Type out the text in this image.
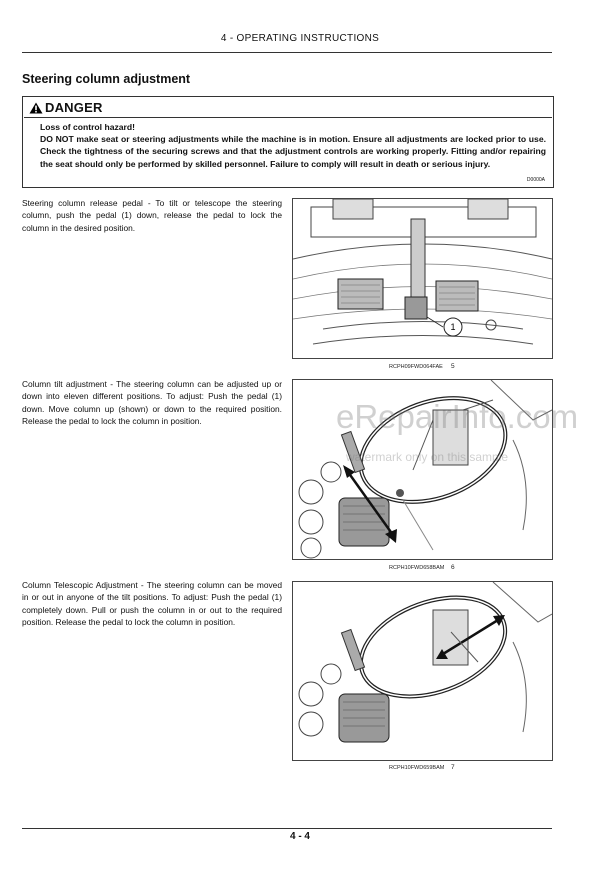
4 - OPERATING INSTRUCTIONS
Steering column adjustment
DANGER
Loss of control hazard!
DO NOT make seat or steering adjustments while the machine is in motion. Ensure all adjustments are locked prior to use. Check the tightness of the securing screws and that the adjustment controls are working properly. Fitting and/or repairing the seat should only be performed by skilled personnel. Failure to comply will result in death or serious injury.
D0000A
Steering column release pedal - To tilt or telescope the steering column, push the pedal (1) down, release the pedal to lock the column in the desired position.
Column tilt adjustment - The steering column can be adjusted up or down into eleven different positions. To adjust: Push the pedal (1) down. Move column up (shown) or down to the required position. Release the pedal to lock the column in position.
Column Telescopic Adjustment - The steering column can be moved in or out in anyone of the tilt positions. To adjust: Push the pedal (1) completely down. Pull or push the column in or out to the required position. Release the pedal to lock the column in position.
1
RCPH09FWD064FAE 5
RCPH10FWD658BAM 6
RCPH10FWD659BAM 7
eRepairInfo.com
watermark only on this sample
4 - 4
